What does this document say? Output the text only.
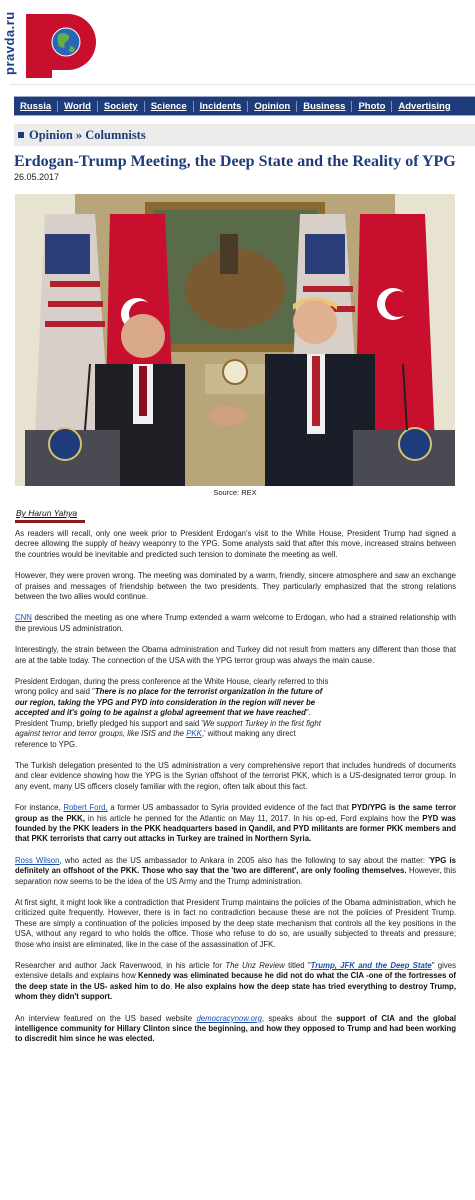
pravda.ru
Russia	World	Society	Science	Incidents	Opinion	Business	Photo	Advertising
Opinion » Columnists
Erdogan-Trump Meeting, the Deep State and the Reality of YPG
26.05.2017
Source: REX
By Harun Yahya

As readers will recall, only one week prior to President Erdogan's visit to the White House, President Trump had signed a decree allowing the supply of heavy weaponry to the YPG. Some analysts said that after this move, increased strains between the countries would be inevitable and predicted such tension to dominate the meeting as well.

However, they were proven wrong. The meeting was dominated by a warm, friendly, sincere atmosphere and saw an exchange of praises and messages of friendship between the two presidents. They particularly emphasized that the strong relations between the two allies would continue.

CNN described the meeting as one where Trump extended a warm welcome to Erdogan, who had a strained relationship with the previous US administration.

Interestingly, the strain between the Obama administration and Turkey did not result from matters any different than those that are at the table today. The connection of the USA with the YPG terror group was always the main cause.

President Erdogan, during the press conference at the White House, clearly referred to this wrong policy and said "There is no place for the terrorist organization in the future of our region, taking the YPG and PYD into consideration in the region will never be accepted and it's going to be against a global agreement that we have reached". President Trump, briefly pledged his support and said 'We support Turkey in the first fight against terror and terror groups, like ISIS and the PKK,' without making any direct reference to YPG.

The Turkish delegation presented to the US administration a very comprehensive report that includes hundreds of documents and clear evidence showing how the YPG is the Syrian offshoot of the terrorist PKK, which is a US-designated terror group. In any event, many US officers closely familiar with the region, often talk about this fact.

For instance, Robert Ford, a former US ambassador to Syria provided evidence of the fact that PYD/YPG is the same terror group as the PKK, in his article he penned for the Atlantic on May 11, 2017. In his op-ed, Ford explains how the PYD was founded by the PKK leaders in the PKK headquarters based in Qandil, and PYD militants are former PKK members and that PKK terrorists that carry out attacks in Turkey are trained in Northern Syria.

Ross Wilson, who acted as the US ambassador to Ankara in 2005 also has the following to say about the matter: 'YPG is definitely an offshoot of the PKK. Those who say that the 'two are different', are only fooling themselves. However, this separation now seems to be the idea of the US Army and the Trump administration.

At first sight, it might look like a contradiction that President Trump maintains the policies of the Obama administration, which he criticized quite frequently. However, there is in fact no contradiction because these are not the policies of President Trump. These are simply a continuation of the policies imposed by the deep state mechanism that controls all the key positions in the USA, without any regard to who holds the office. Those who refuse to do so, are usually subjected to threats and pressure; those who insist are eliminated, like in the case of the assassination of JFK.

Researcher and author Jack Ravenwood, in his article for The Unz Review titled "Trump, JFK and the Deep State" gives extensive details and explains how Kennedy was eliminated because he did not do what the CIA -one of the fortresses of the deep state in the US- asked him to do. He also explains how the deep state has tried everything to destroy Trump, whom they didn't support.

An interview featured on the US based website democracynow.org, speaks about the support of CIA and the global intelligence community for Hillary Clinton since the beginning, and how they opposed to Trump and had been working to discredit him since he was elected.
